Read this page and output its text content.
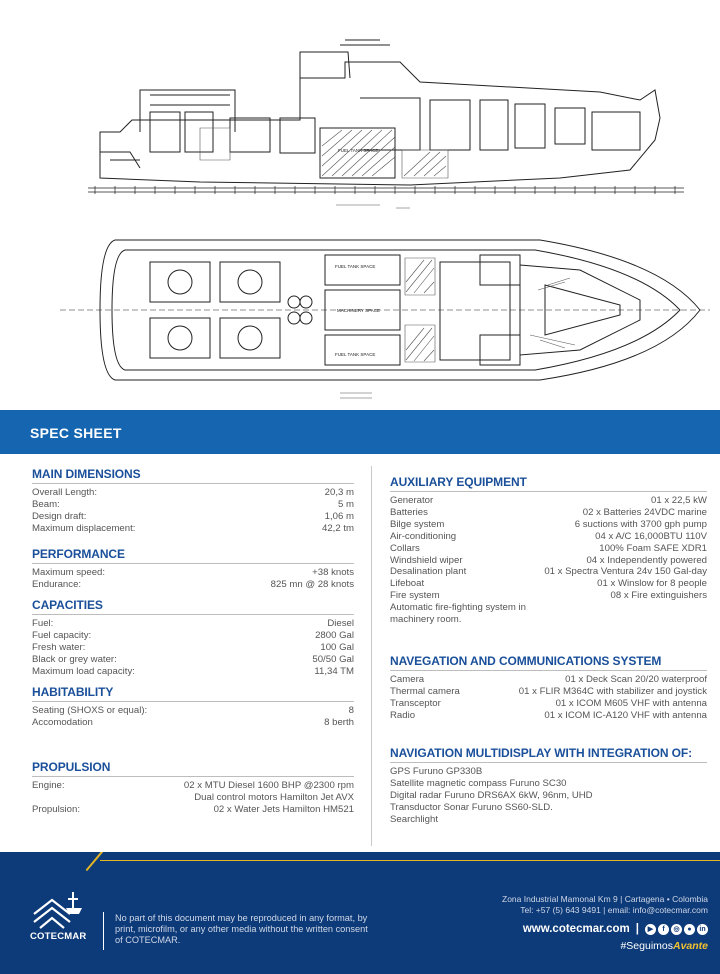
FUEL TANK SPACE
FUEL TANK SPACE
MACHINERY SPACE
FUEL TANK SPACE
SPEC SHEET
MAIN DIMENSIONS
Overall Length:	20,3 m
Beam:	5 m
Design draft:	1,06 m
Maximum displacement:	42,2 tm
PERFORMANCE
Maximum speed:	+38 knots
Endurance:	825 mn @ 28 knots
CAPACITIES
Fuel:	Diesel
Fuel capacity:	2800 Gal
Fresh water:	100 Gal
Black or grey water:	50/50 Gal
Maximum load capacity:	11,34 TM
HABITABILITY
Seating (SHOXS or equal):	8
Accomodation	8 berth
PROPULSION
Engine:	02 x MTU Diesel 1600 BHP @2300 rpm
Dual control motors Hamilton Jet AVX
Propulsion:	02 x Water Jets Hamilton HM521
AUXILIARY EQUIPMENT
Generator	01 x 22,5 kW
Batteries	02 x Batteries 24VDC marine
Bilge system	6 suctions with 3700 gph pump
Air-conditioning	04 x A/C 16,000BTU 110V
Collars	100% Foam SAFE XDR1
Windshield wiper	04 x Independently powered
Desalination plant	01 x Spectra Ventura 24v 150 Gal-day
Lifeboat	01 x Winslow for 8 people
Fire system	08 x Fire extinguishers
Automatic fire-fighting system in
machinery room.
NAVEGATION AND COMMUNICATIONS SYSTEM
Camera	01 x Deck Scan 20/20 waterproof
Thermal camera	01 x FLIR M364C with stabilizer and joystick
Transceptor	01 x ICOM M605 VHF with antenna
Radio	01 x ICOM IC-A120 VHF with antenna
NAVIGATION MULTIDISPLAY WITH INTEGRATION OF:
GPS Furuno GP330B
Satellite magnetic compass Furuno SC30
Digital radar Furuno DRS6AX 6kW, 96nm, UHD
Transductor Sonar Furuno SS60-SLD.
Searchlight
COTECMAR
No part of this document may be reproduced in any format, by print, microfilm, or any other media without the written consent of COTECMAR.
Zona Industrial Mamonal Km 9 | Cartagena • Colombia
Tel: +57 (5) 643 9491 | email: info@cotecmar.com
www.cotecmar.com |	▶	f	◎	●	in
#SeguimosAvante
